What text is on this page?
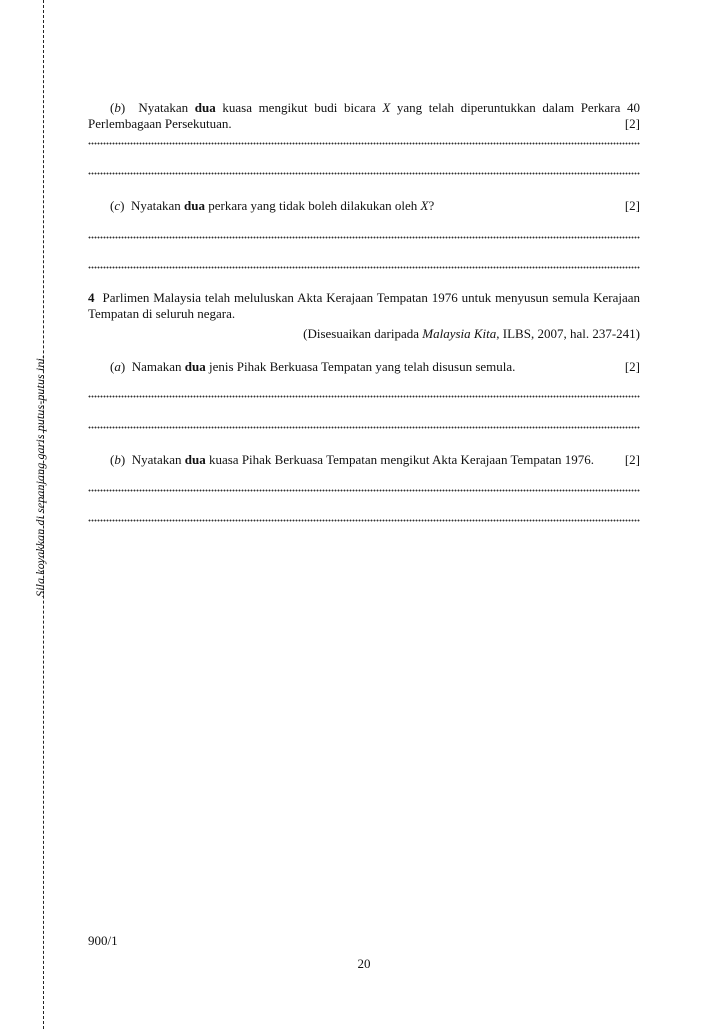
Sila koyakkan di sepanjang garis putus-putus ini.
(b)  Nyatakan dua kuasa mengikut budi bicara X yang telah diperuntukkan dalam Perkara 40 Perlembagaan Persekutuan.	[2]
(c)  Nyatakan dua perkara yang tidak boleh dilakukan oleh X?	[2]
4 Parlimen Malaysia telah meluluskan Akta Kerajaan Tempatan 1976 untuk menyusun semula Kerajaan Tempatan di seluruh negara.
(Disesuaikan daripada Malaysia Kita, ILBS, 2007, hal. 237-241)
(a)  Namakan dua jenis Pihak Berkuasa Tempatan yang telah disusun semula.	[2]
(b)  Nyatakan dua kuasa Pihak Berkuasa Tempatan mengikut Akta Kerajaan Tempatan 1976. [2]
900/1
20
